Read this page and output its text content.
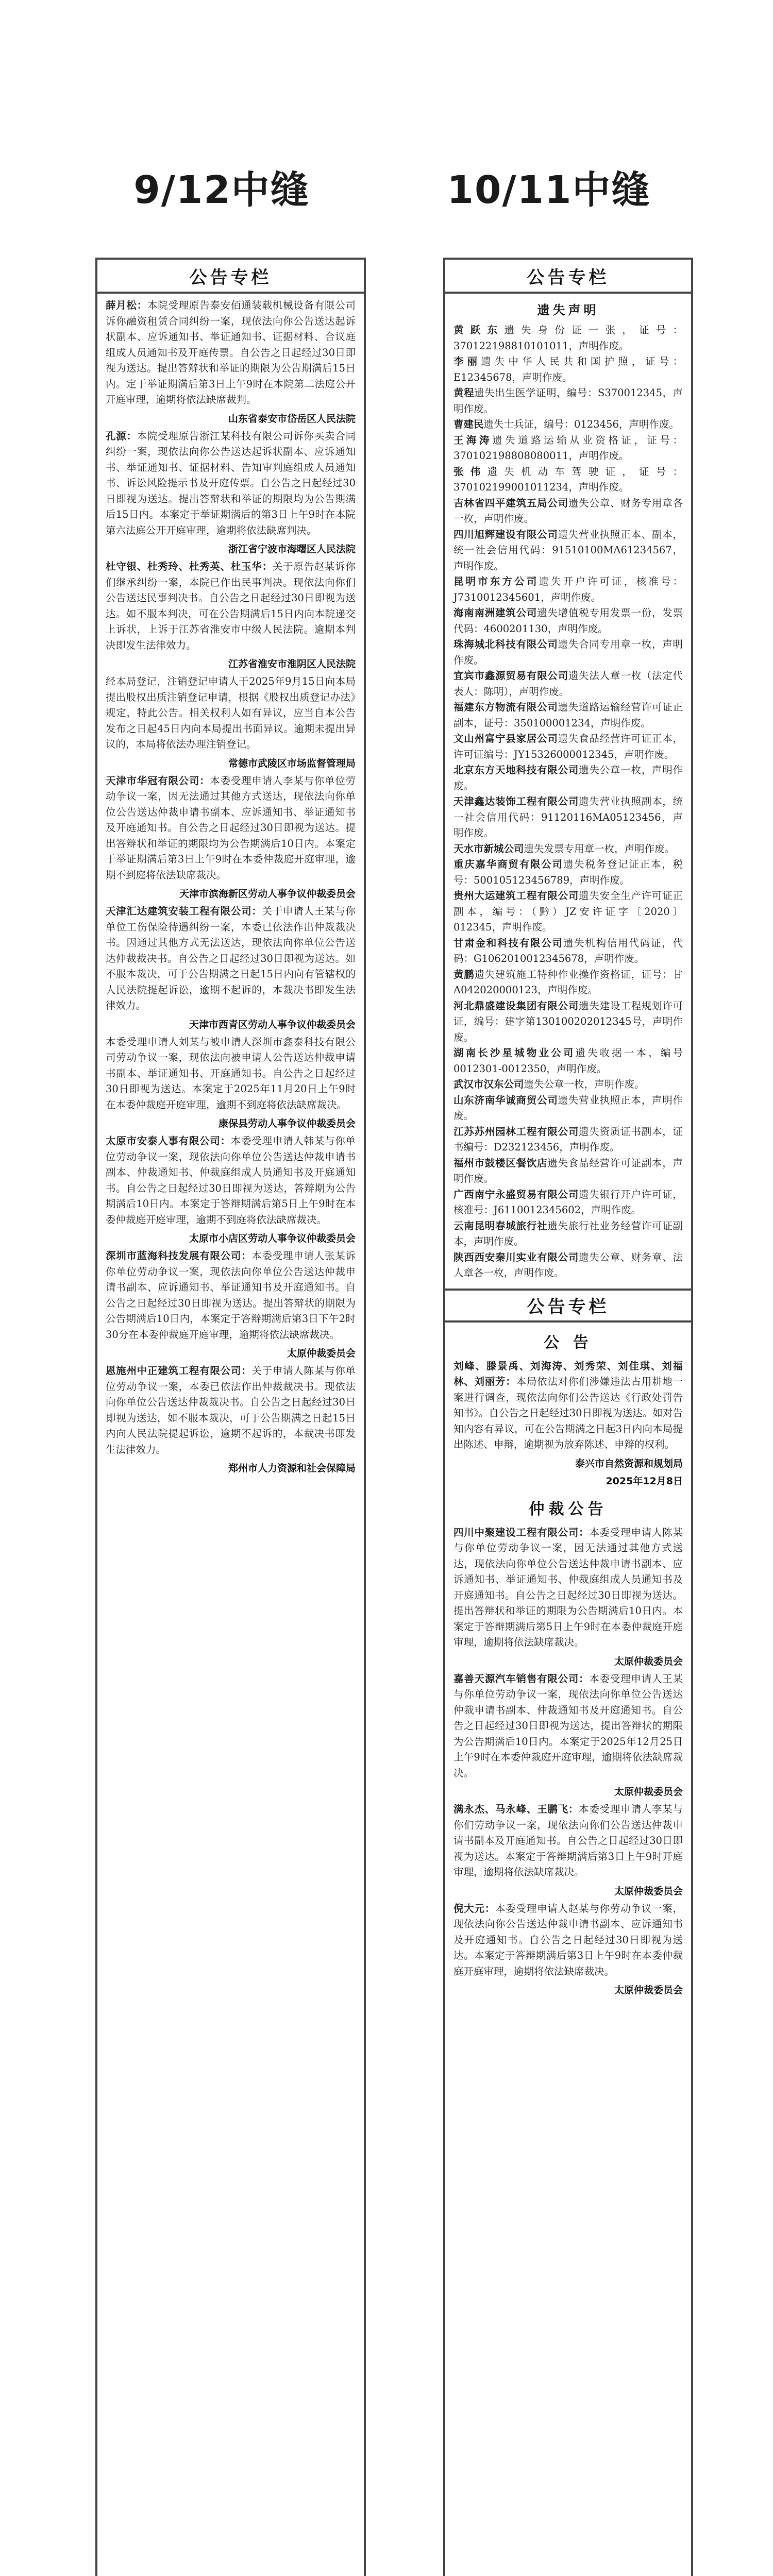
9/12中缝	10/11中缝
公告专栏

薛月松：本院受理原告泰安佰通装载机械设备有限公司诉你融资租赁合同纠纷一案，现依法向你公告送达起诉状副本、应诉通知书、举证通知书、证据材料、合议庭组成人员通知书及开庭传票。自公告之日起经过30日即视为送达。提出答辩状和举证的期限为公告期满后15日内。定于举证期满后第3日上午9时在本院第二法庭公开开庭审理，逾期将依法缺席裁判。

山东省泰安市岱岳区人民法院

孔源：本院受理原告浙江某科技有限公司诉你买卖合同纠纷一案，现依法向你公告送达起诉状副本、应诉通知书、举证通知书、证据材料、告知审判庭组成人员通知书、诉讼风险提示书及开庭传票。自公告之日起经过30日即视为送达。提出答辩状和举证的期限均为公告期满后15日内。本案定于举证期满后的第3日上午9时在本院第六法庭公开开庭审理，逾期将依法缺席判决。

浙江省宁波市海曙区人民法院

杜守银、杜秀玲、杜秀英、杜玉华：关于原告赵某诉你们继承纠纷一案，本院已作出民事判决。现依法向你们公告送达民事判决书。自公告之日起经过30日即视为送达。如不服本判决，可在公告期满后15日内向本院递交上诉状，上诉于江苏省淮安市中级人民法院。逾期本判决即发生法律效力。

江苏省淮安市淮阴区人民法院

经本局登记，注销登记申请人于2025年9月15日向本局提出股权出质注销登记申请，根据《股权出质登记办法》规定，特此公告。相关权利人如有异议，应当自本公告发布之日起45日内向本局提出书面异议。逾期未提出异议的，本局将依法办理注销登记。

常德市武陵区市场监督管理局

天津市华冠有限公司：本委受理申请人李某与你单位劳动争议一案，因无法通过其他方式送达，现依法向你单位公告送达仲裁申请书副本、应诉通知书、举证通知书及开庭通知书。自公告之日起经过30日即视为送达。提出答辩状和举证的期限均为公告期满后10日内。本案定于举证期满后第3日上午9时在本委仲裁庭开庭审理，逾期不到庭将依法缺席裁决。

天津市滨海新区劳动人事争议仲裁委员会

天津汇达建筑安装工程有限公司：关于申请人王某与你单位工伤保险待遇纠纷一案，本委已依法作出仲裁裁决书。因通过其他方式无法送达，现依法向你单位公告送达仲裁裁决书。自公告之日起经过30日即视为送达。如不服本裁决，可于公告期满之日起15日内向有管辖权的人民法院提起诉讼，逾期不起诉的，本裁决书即发生法律效力。

天津市西青区劳动人事争议仲裁委员会

本委受理申请人刘某与被申请人深圳市鑫泰科技有限公司劳动争议一案，现依法向被申请人公告送达仲裁申请书副本、举证通知书、开庭通知书。自公告之日起经过30日即视为送达。本案定于2025年11月20日上午9时在本委仲裁庭开庭审理，逾期不到庭将依法缺席裁决。

康保县劳动人事争议仲裁委员会

太原市安泰人事有限公司：本委受理申请人韩某与你单位劳动争议一案，现依法向你单位公告送达仲裁申请书副本、仲裁通知书、仲裁庭组成人员通知书及开庭通知书。自公告之日起经过30日即视为送达，答辩期为公告期满后10日内。本案定于答辩期满后第5日上午9时在本委仲裁庭开庭审理，逾期不到庭将依法缺席裁决。

太原市小店区劳动人事争议仲裁委员会

深圳市蓝海科技发展有限公司：本委受理申请人张某诉你单位劳动争议一案，现依法向你单位公告送达仲裁申请书副本、应诉通知书、举证通知书及开庭通知书。自公告之日起经过30日即视为送达。提出答辩状的期限为公告期满后10日内，本案定于答辩期满后第3日下午2时30分在本委仲裁庭开庭审理，逾期将依法缺席裁决。

太原仲裁委员会

恩施州中正建筑工程有限公司：关于申请人陈某与你单位劳动争议一案，本委已依法作出仲裁裁决书。现依法向你单位公告送达仲裁裁决书。自公告之日起经过30日即视为送达，如不服本裁决，可于公告期满之日起15日内向人民法院提起诉讼，逾期不起诉的，本裁决书即发生法律效力。

郑州市人力资源和社会保障局
公告专栏
遗失声明

黄跃东遗失身份证一张，证号：370122198810101011，声明作废。

李丽遗失中华人民共和国护照，证号：E12345678，声明作废。

黄程遗失出生医学证明，编号：S370012345，声明作废。

曹建民遗失士兵证，编号：0123456，声明作废。

王海涛遗失道路运输从业资格证，证号：370102198808080011，声明作废。

张伟遗失机动车驾驶证，证号：370102199001011234，声明作废。

吉林省四平建筑五局公司遗失公章、财务专用章各一枚，声明作废。

四川旭辉建设有限公司遗失营业执照正本、副本，统一社会信用代码：91510100MA61234567，声明作废。

昆明市东方公司遗失开户许可证，核准号：J7310012345601，声明作废。

海南南洲建筑公司遗失增值税专用发票一份，发票代码：4600201130，声明作废。

珠海城北科技有限公司遗失合同专用章一枚，声明作废。

宜宾市鑫源贸易有限公司遗失法人章一枚（法定代表人：陈明），声明作废。

福建东方物流有限公司遗失道路运输经营许可证正副本，证号：350100001234，声明作废。

文山州富宁县家居公司遗失食品经营许可证正本，许可证编号：JY15326000012345，声明作废。

北京东方天地科技有限公司遗失公章一枚，声明作废。

天津鑫达装饰工程有限公司遗失营业执照副本，统一社会信用代码：91120116MA05123456，声明作废。

天水市新城公司遗失发票专用章一枚，声明作废。

重庆嘉华商贸有限公司遗失税务登记证正本，税号：500105123456789，声明作废。

贵州大运建筑工程有限公司遗失安全生产许可证正副本，编号：（黔）JZ安许证字〔2020〕012345，声明作废。

甘肃金和科技有限公司遗失机构信用代码证，代码：G1062010012345678，声明作废。

黄鹏遗失建筑施工特种作业操作资格证，证号：甘A042020000123，声明作废。

河北鼎盛建设集团有限公司遗失建设工程规划许可证，编号：建字第130100202012345号，声明作废。

湖南长沙星城物业公司遗失收据一本，编号0012301-0012350，声明作废。

武汉市汉东公司遗失公章一枚，声明作废。

山东济南华诚商贸公司遗失营业执照正本，声明作废。

江苏苏州园林工程有限公司遗失资质证书副本，证书编号：D232123456，声明作废。

福州市鼓楼区餐饮店遗失食品经营许可证副本，声明作废。

广西南宁永盛贸易有限公司遗失银行开户许可证，核准号：J6110012345602，声明作废。

云南昆明春城旅行社遗失旅行社业务经营许可证副本，声明作废。

陕西西安秦川实业有限公司遗失公章、财务章、法人章各一枚，声明作废。

公告专栏
公 告

刘峰、滕景禹、刘海涛、刘秀荣、刘佳琪、刘福林、刘丽芳：本局依法对你们涉嫌违法占用耕地一案进行调查，现依法向你们公告送达《行政处罚告知书》。自公告之日起经过30日即视为送达。如对告知内容有异议，可在公告期满之日起3日内向本局提出陈述、申辩，逾期视为放弃陈述、申辩的权利。

泰兴市自然资源和规划局
2025年12月8日
仲裁公告

四川中聚建设工程有限公司：本委受理申请人陈某与你单位劳动争议一案，因无法通过其他方式送达，现依法向你单位公告送达仲裁申请书副本、应诉通知书、举证通知书、仲裁庭组成人员通知书及开庭通知书。自公告之日起经过30日即视为送达。提出答辩状和举证的期限为公告期满后10日内。本案定于答辩期满后第5日上午9时在本委仲裁庭开庭审理，逾期将依法缺席裁决。

太原仲裁委员会

嘉善天源汽车销售有限公司：本委受理申请人王某与你单位劳动争议一案，现依法向你单位公告送达仲裁申请书副本、仲裁通知书及开庭通知书。自公告之日起经过30日即视为送达，提出答辩状的期限为公告期满后10日内。本案定于2025年12月25日上午9时在本委仲裁庭开庭审理，逾期将依法缺席裁决。

太原仲裁委员会

满永杰、马永峰、王鹏飞：本委受理申请人李某与你们劳动争议一案，现依法向你们公告送达仲裁申请书副本及开庭通知书。自公告之日起经过30日即视为送达。本案定于答辩期满后第3日上午9时开庭审理，逾期将依法缺席裁决。

太原仲裁委员会

倪大元：本委受理申请人赵某与你劳动争议一案，现依法向你公告送达仲裁申请书副本、应诉通知书及开庭通知书。自公告之日起经过30日即视为送达。本案定于答辩期满后第3日上午9时在本委仲裁庭开庭审理，逾期将依法缺席裁决。

太原仲裁委员会
